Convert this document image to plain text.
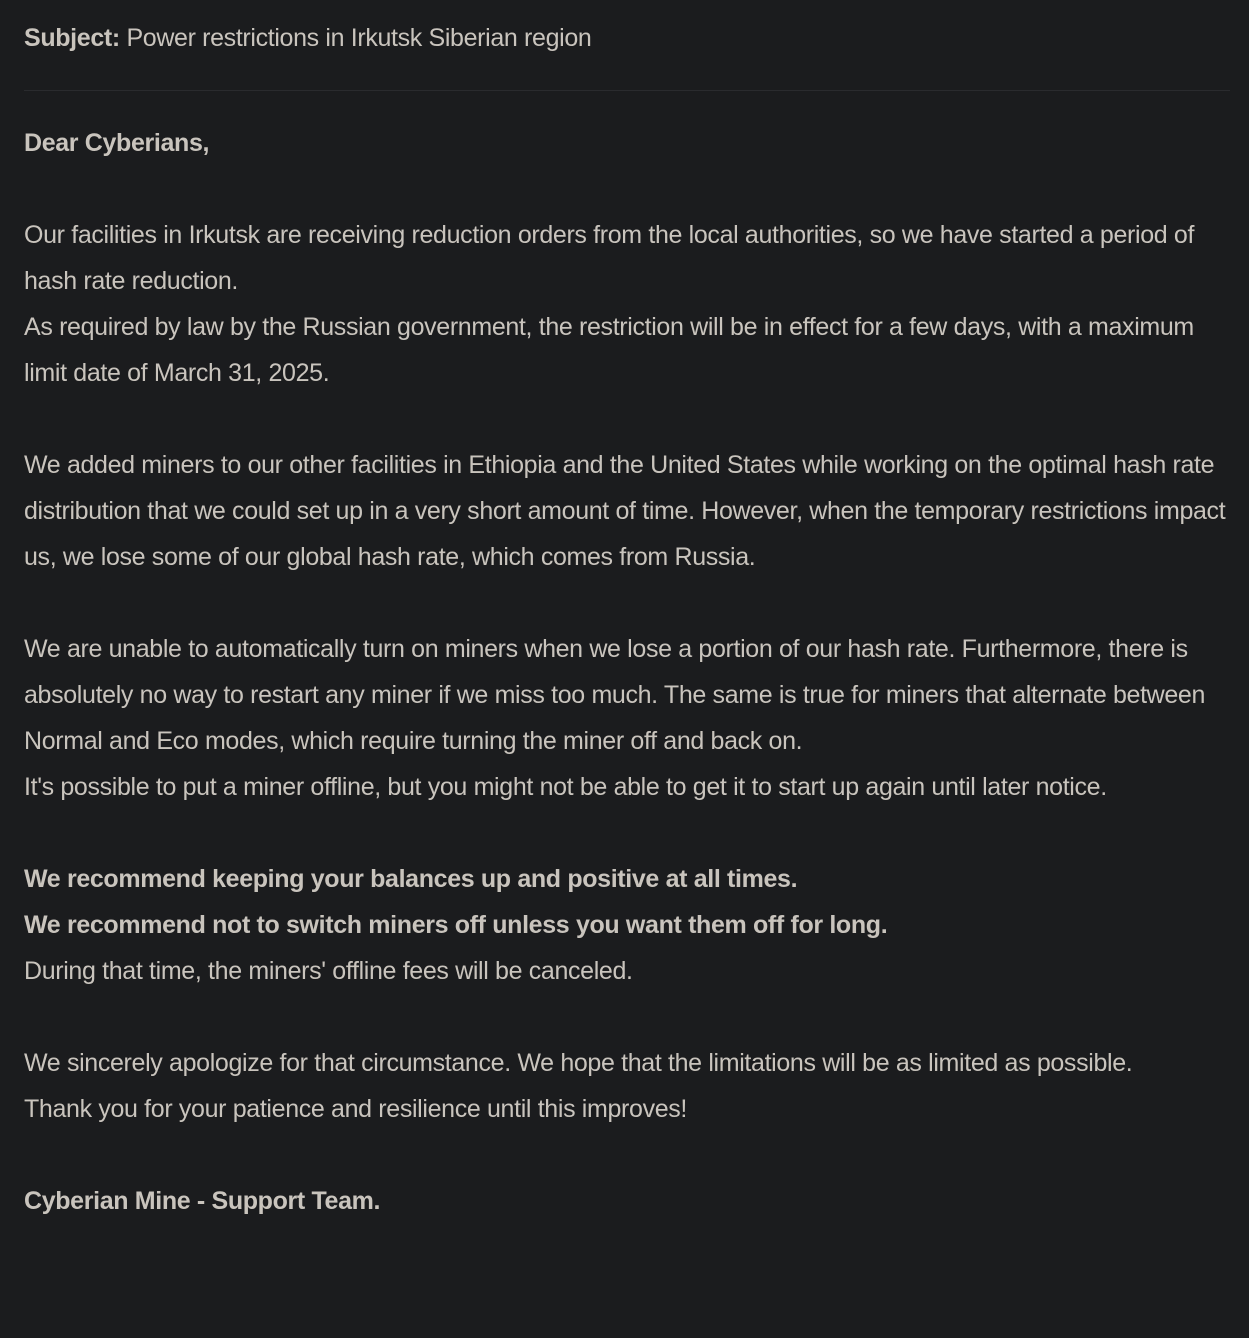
Subject: Power restrictions in Irkutsk Siberian region

Dear Cyberians,

Our facilities in Irkutsk are receiving reduction orders from the local authorities, so we have started a period of hash rate reduction.
As required by law by the Russian government, the restriction will be in effect for a few days, with a maximum limit date of March 31, 2025.

We added miners to our other facilities in Ethiopia and the United States while working on the optimal hash rate distribution that we could set up in a very short amount of time. However, when the temporary restrictions impact us, we lose some of our global hash rate, which comes from Russia.

We are unable to automatically turn on miners when we lose a portion of our hash rate. Furthermore, there is absolutely no way to restart any miner if we miss too much. The same is true for miners that alternate between Normal and Eco modes, which require turning the miner off and back on.
It's possible to put a miner offline, but you might not be able to get it to start up again until later notice.

We recommend keeping your balances up and positive at all times.
We recommend not to switch miners off unless you want them off for long.
During that time, the miners' offline fees will be canceled.

We sincerely apologize for that circumstance. We hope that the limitations will be as limited as possible.
Thank you for your patience and resilience until this improves!

Cyberian Mine - Support Team.
